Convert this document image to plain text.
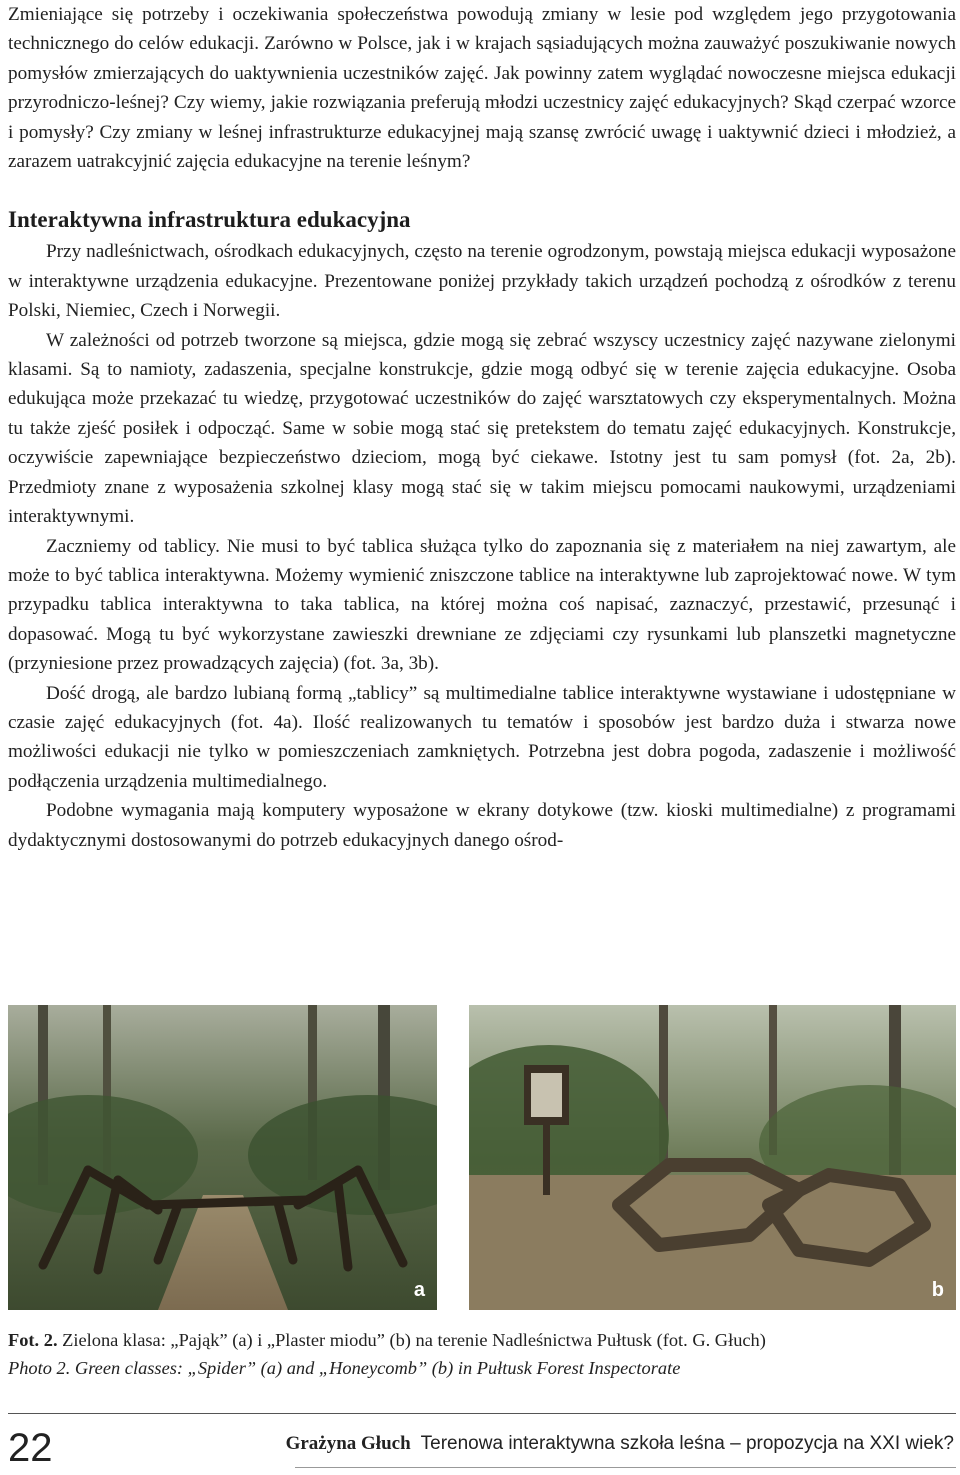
Zmieniające się potrzeby i oczekiwania społeczeństwa powodują zmiany w lesie pod względem jego przygotowania technicznego do celów edukacji. Zarówno w Polsce, jak i w krajach sąsiadujących można zauważyć poszukiwanie nowych pomysłów zmierzających do uaktywnienia uczestników zajęć. Jak powinny zatem wyglądać nowoczesne miejsca edukacji przyrodniczo-leśnej? Czy wiemy, jakie rozwiązania preferują młodzi uczestnicy zajęć edukacyjnych? Skąd czerpać wzorce i pomysły? Czy zmiany w leśnej infrastrukturze edukacyjnej mają szansę zwrócić uwagę i uaktywnić dzieci i młodzież, a zarazem uatrakcyjnić zajęcia edukacyjne na terenie leśnym?

Interaktywna infrastruktura edukacyjna

Przy nadleśnictwach, ośrodkach edukacyjnych, często na terenie ogrodzonym, powstają miejsca edukacji wyposażone w interaktywne urządzenia edukacyjne. Prezentowane poniżej przykłady takich urządzeń pochodzą z ośrodków z terenu Polski, Niemiec, Czech i Norwegii.

W zależności od potrzeb tworzone są miejsca, gdzie mogą się zebrać wszyscy uczestnicy zajęć nazywane zielonymi klasami. Są to namioty, zadaszenia, specjalne konstrukcje, gdzie mogą odbyć się w terenie zajęcia edukacyjne. Osoba edukująca może przekazać tu wiedzę, przygotować uczestników do zajęć warsztatowych czy eksperymentalnych. Można tu także zjeść posiłek i odpocząć. Same w sobie mogą stać się pretekstem do tematu zajęć edukacyjnych. Konstrukcje, oczywiście zapewniające bezpieczeństwo dzieciom, mogą być ciekawe. Istotny jest tu sam pomysł (fot. 2a, 2b). Przedmioty znane z wyposażenia szkolnej klasy mogą stać się w takim miejscu pomocami naukowymi, urządzeniami interaktywnymi.

Zaczniemy od tablicy. Nie musi to być tablica służąca tylko do zapoznania się z materiałem na niej zawartym, ale może to być tablica interaktywna. Możemy wymienić zniszczone tablice na interaktywne lub zaprojektować nowe. W tym przypadku tablica interaktywna to taka tablica, na której można coś napisać, zaznaczyć, przestawić, przesunąć i dopasować. Mogą tu być wykorzystane zawieszki drewniane ze zdjęciami czy rysunkami lub planszetki magnetyczne (przyniesione przez prowadzących zajęcia) (fot. 3a, 3b).

Dość drogą, ale bardzo lubianą formą „tablicy” są multimedialne tablice interaktywne wystawiane i udostępniane w czasie zajęć edukacyjnych (fot. 4a). Ilość realizowanych tu tematów i sposobów jest bardzo duża i stwarza nowe możliwości edukacji nie tylko w pomieszczeniach zamkniętych. Potrzebna jest dobra pogoda, zadaszenie i możliwość podłączenia urządzenia multimedialnego.

Podobne wymagania mają komputery wyposażone w ekrany dotykowe (tzw. kioski multimedialne) z programami dydaktycznymi dostosowanymi do potrzeb edukacyjnych danego ośrod-

a	b
Fot. 2. Zielona klasa: „Pająk” (a) i „Plaster miodu” (b) na terenie Nadleśnictwa Pułtusk (fot. G. Głuch)
Photo 2. Green classes: „Spider” (a) and „Honeycomb” (b) in Pułtusk Forest Inspectorate
22	Grażyna Głuch Terenowa interaktywna szkoła leśna – propozycja na XXI wiek?
